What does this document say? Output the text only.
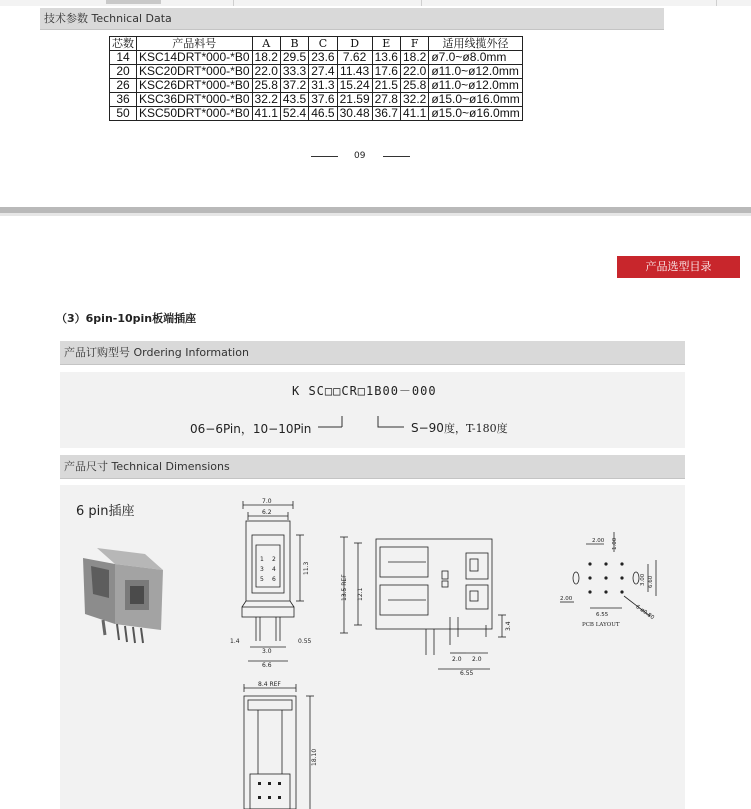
技术参数 Technical Data
芯数	产品料号	A	B	C	D	E	F	适用线揽外径
14	KSC14DRT*000-*B0	18.2	29.5	23.6	7.62	13.6	18.2	ø7.0~ø8.0mm
20	KSC20DRT*000-*B0	22.0	33.3	27.4	11.43	17.6	22.0	ø11.0~ø12.0mm
26	KSC26DRT*000-*B0	25.8	37.2	31.3	15.24	21.5	25.8	ø11.0~ø12.0mm
36	KSC36DRT*000-*B0	32.2	43.5	37.6	21.59	27.8	32.2	ø15.0~ø16.0mm
50	KSC50DRT*000-*B0	41.1	52.4	46.5	30.48	36.7	41.1	ø15.0~ø16.0mm
09
产品选型目录
（3）6pin-10pin板端插座
产品订购型号 Ordering Information
K SC□□CR□1B00－000
06−6Pin，10−10Pin	S−90度，T-180度
产品尺寸 Technical Dimensions
6 pin插座
7.0
6.2
11.3
1.4
3.0
0.55
6.6
1 2
3 4
5 6	13.5 REF 12.1
3.4
2.0 2.0
6.55
2.00 1.00
3.00 6.60
2.00
6.55	6-ø0.80
PCB LAYOUT
8.4 REF
18.10
